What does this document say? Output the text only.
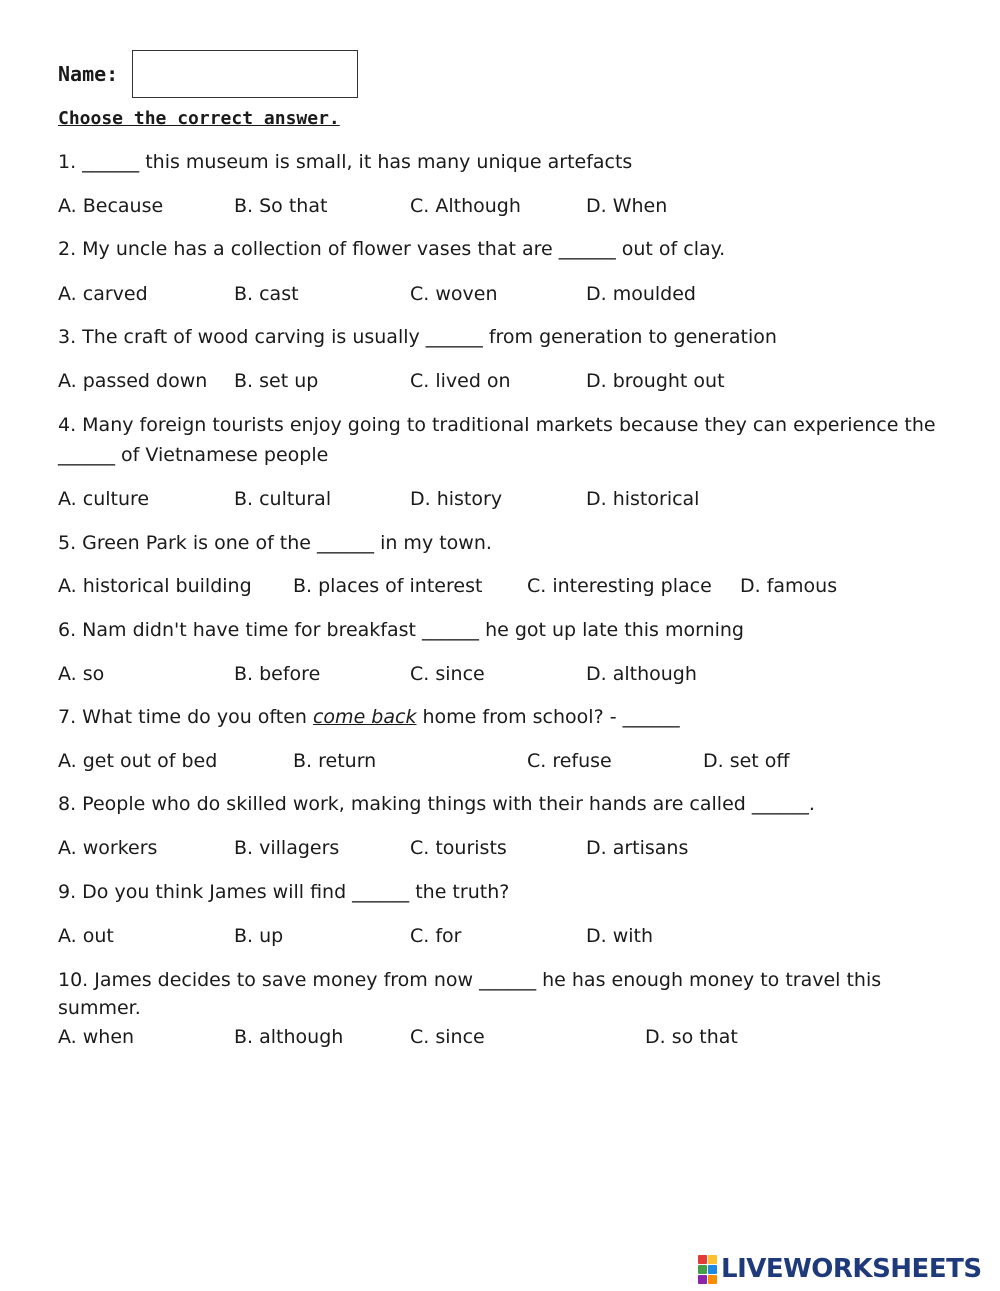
Name:
Choose the correct answer.
1. ______ this museum is small, it has many unique artefacts
A. Because	B. So that	C. Although	D. When
2. My uncle has a collection of flower vases that are ______ out of clay.
A. carved	B. cast	C. woven	D. moulded
3. The craft of wood carving is usually ______ from generation to generation
A. passed down B. set up	C. lived on	D. brought out
4. Many foreign tourists enjoy going to traditional markets because they can experience the ______ of Vietnamese people
A. culture	B. cultural	D. history	D. historical
5. Green Park is one of the ______ in my town.
A. historical building B. places of interest C. interesting place D. famous
6. Nam didn't have time for breakfast ______ he got up late this morning
A. so	B. before	C. since	D. although
7. What time do you often come back home from school? - ______
A. get out of bed	B. return	C. refuse	D. set off
8. People who do skilled work, making things with their hands are called ______.
A. workers	B. villagers	C. tourists	D. artisans
9. Do you think James will find ______ the truth?
A. out	B. up	C. for	D. with
10. James decides to save money from now ______ he has enough money to travel this summer.
A. when	B. although	C. since	D. so that
LIVEWORKSHEETS
